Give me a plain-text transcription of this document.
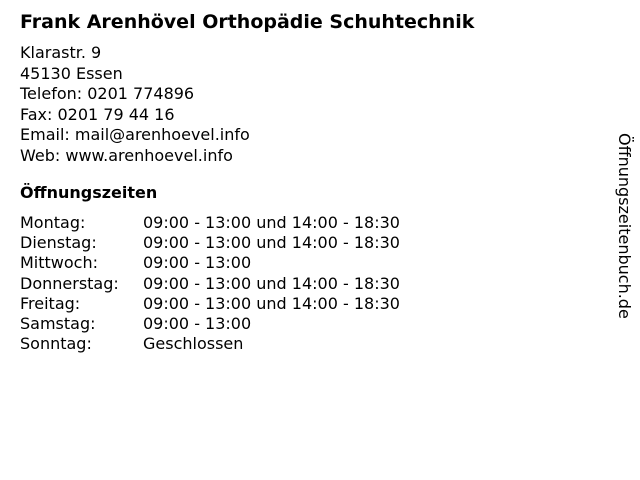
Frank Arenhövel Orthopädie Schuhtechnik
Klarastr. 9
45130 Essen
Telefon: 0201 774896
Fax: 0201 79 44 16
Email: mail@arenhoevel.info
Web: www.arenhoevel.info
Öffnungszeiten
Montag:	09:00 - 13:00 und 14:00 - 18:30
Dienstag:	09:00 - 13:00 und 14:00 - 18:30
Mittwoch:	09:00 - 13:00
Donnerstag:	09:00 - 13:00 und 14:00 - 18:30
Freitag:	09:00 - 13:00 und 14:00 - 18:30
Samstag:	09:00 - 13:00
Sonntag:	Geschlossen
Öffnungszeitenbuch.de
